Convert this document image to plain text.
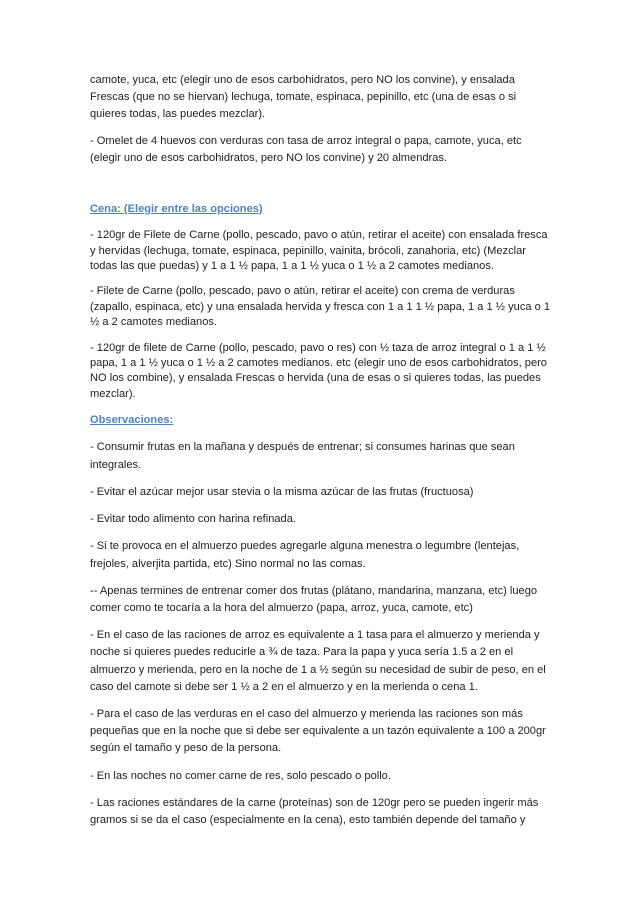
camote, yuca, etc (elegir uno de esos carbohidratos, pero NO los convine), y ensalada Frescas (que no se hiervan) lechuga, tomate, espinaca, pepinillo, etc (una de esas o si quieres todas, las puedes mezclar).

- Omelet de 4 huevos con verduras con tasa de arroz integral o papa, camote, yuca, etc (elegir uno de esos carbohidratos, pero NO los convine) y 20 almendras.

Cena: (Elegir entre las opciones)

- 120gr de Filete de Carne (pollo, pescado, pavo o atún, retirar el aceite) con ensalada fresca y hervidas (lechuga, tomate, espinaca, pepinillo, vainita, brócoli, zanahoria, etc) (Mezclar todas las que puedas) y 1 a 1 ½ papa, 1 a 1 ½ yuca o 1 ½ a 2 camotes medianos.

- Filete de Carne (pollo, pescado, pavo o atún, retirar el aceite) con crema de verduras (zapallo, espinaca, etc) y una ensalada hervida y fresca con 1 a 1 1 ½ papa, 1 a 1 ½ yuca o 1 ½ a 2 camotes medianos.

- 120gr de filete de Carne (pollo, pescado, pavo o res) con ½ taza de arroz integral o 1 a 1 ½ papa, 1 a 1 ½ yuca o 1 ½ a 2 camotes medianos. etc (elegir uno de esos carbohidratos, pero NO los combine), y ensalada Frescas o hervida (una de esas o si quieres todas, las puedes mezclar).

Observaciones:

- Consumir frutas en la mañana y después de entrenar; si consumes harinas que sean integrales.

- Evitar el azúcar mejor usar stevia o la misma azúcar de las frutas (fructuosa)

- Evitar todo alimento con harina refinada.

- Si te provoca en el almuerzo puedes agregarle alguna menestra o legumbre (lentejas, frejoles, alverjita partida, etc) Sino normal no las comas.

-- Apenas termines de entrenar comer dos frutas (plátano, mandarina, manzana, etc) luego comer como te tocaría a la hora del almuerzo (papa, arroz, yuca, camote, etc)

- En el caso de las raciones de arroz es equivalente a 1 tasa para el almuerzo y merienda y noche si quieres puedes reducirle a ¾ de taza. Para la papa y yuca sería 1.5 a 2 en el almuerzo y merienda, pero en la noche de 1 a ½ según su necesidad de subir de peso, en el caso del camote si debe ser 1 ½ a 2 en el almuerzo y en la merienda o cena 1.

- Para el caso de las verduras en el caso del almuerzo y merienda las raciones son más pequeñas que en la noche que si debe ser equivalente a un tazón equivalente a 100 a 200gr según el tamaño y peso de la persona.

- En las noches no comer carne de res, solo pescado o pollo.

- Las raciones estándares de la carne (proteínas) son de 120gr pero se pueden ingerir más gramos si se da el caso (especialmente en la cena), esto también depende del tamaño y
